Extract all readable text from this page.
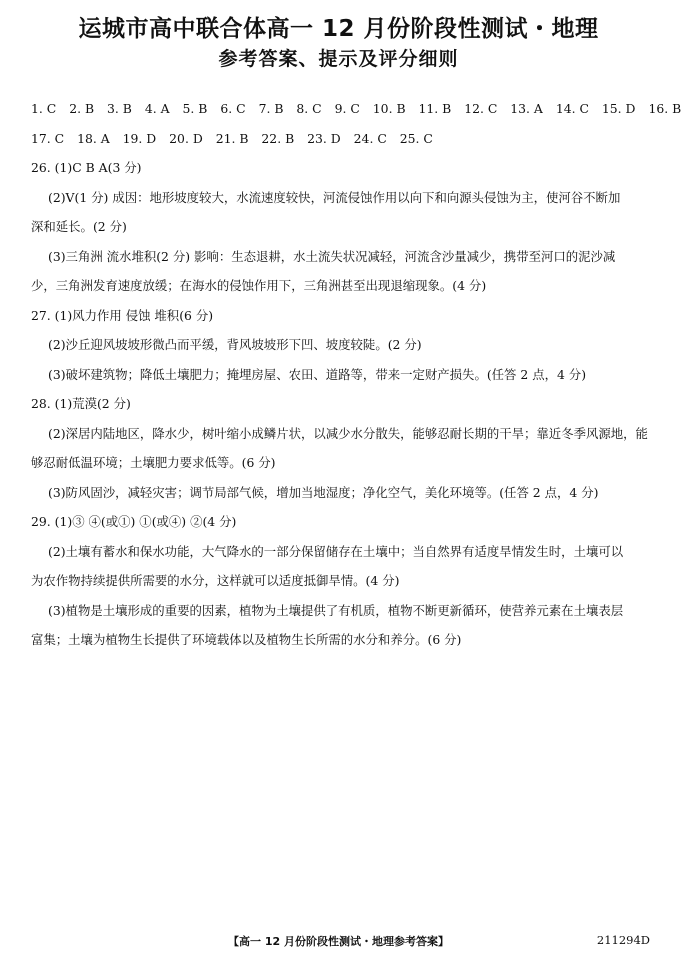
运城市高中联合体高一 12 月份阶段性测试・地理
参考答案、提示及评分细则
1. C 2. B 3. B 4. A 5. B 6. C 7. B 8. C 9. C 10. B 11. B 12. C 13. A 14. C 15. D 16. B
17. C 18. A 19. D 20. D 21. B 22. B 23. D 24. C 25. C
26. (1)C B A(3 分)
(2)V(1 分) 成因：地形坡度较大，水流速度较快，河流侵蚀作用以向下和向源头侵蚀为主，使河谷不断加
深和延长。(2 分)
(3)三角洲 流水堆积(2 分) 影响：生态退耕，水土流失状况减轻，河流含沙量减少，携带至河口的泥沙减
少，三角洲发育速度放缓；在海水的侵蚀作用下，三角洲甚至出现退缩现象。(4 分)
27. (1)风力作用 侵蚀 堆积(6 分)
(2)沙丘迎风坡坡形微凸而平缓，背风坡坡形下凹、坡度较陡。(2 分)
(3)破坏建筑物；降低土壤肥力；掩埋房屋、农田、道路等，带来一定财产损失。(任答 2 点，4 分)
28. (1)荒漠(2 分)
(2)深居内陆地区，降水少，树叶缩小成鳞片状，以减少水分散失，能够忍耐长期的干旱；靠近冬季风源地，能
够忍耐低温环境；土壤肥力要求低等。(6 分)
(3)防风固沙，减轻灾害；调节局部气候，增加当地湿度；净化空气，美化环境等。(任答 2 点，4 分)
29. (1)③ ④(或①) ①(或④) ②(4 分)
(2)土壤有蓄水和保水功能，大气降水的一部分保留储存在土壤中；当自然界有适度旱情发生时，土壤可以
为农作物持续提供所需要的水分，这样就可以适度抵御旱情。(4 分)
(3)植物是土壤形成的重要的因素，植物为土壤提供了有机质，植物不断更新循环，使营养元素在土壤表层
富集；土壤为植物生长提供了环境载体以及植物生长所需的水分和养分。(6 分)
【高一 12 月份阶段性测试・地理参考答案】	211294D
